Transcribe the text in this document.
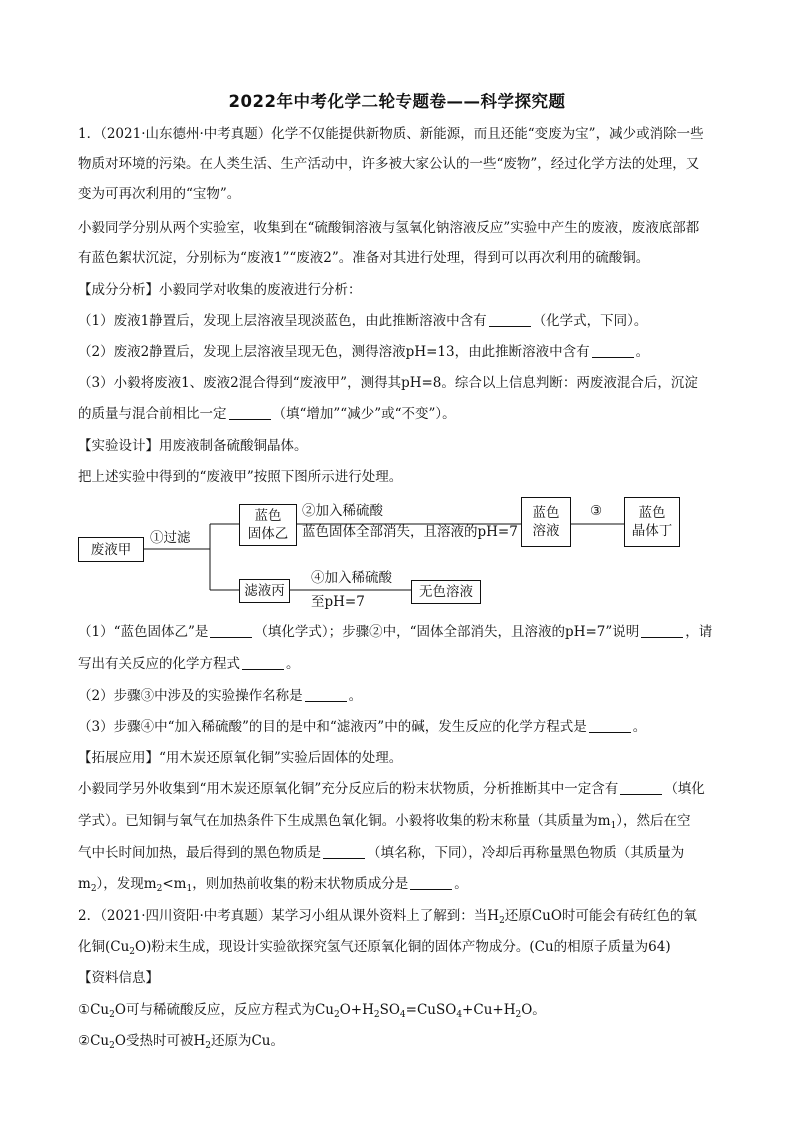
2022年中考化学二轮专题卷——科学探究题
1．（2021·山东德州·中考真题）化学不仅能提供新物质、新能源，而且还能“变废为宝”，减少或消除一些
物质对环境的污染。在人类生活、生产活动中，许多被大家公认的一些“废物”，经过化学方法的处理，又
变为可再次利用的“宝物”。
小毅同学分别从两个实验室，收集到在“硫酸铜溶液与氢氧化钠溶液反应”实验中产生的废液，废液底部都
有蓝色絮状沉淀，分别标为“废液1”“废液2”。准备对其进行处理，得到可以再次利用的硫酸铜。
【成分分析】小毅同学对收集的废液进行分析：
（1）废液1静置后，发现上层溶液呈现淡蓝色，由此推断溶液中含有	（化学式，下同）。
（2）废液2静置后，发现上层溶液呈现无色，测得溶液pH=13，由此推断溶液中含有	。
（3）小毅将废液1、废液2混合得到“废液甲”，测得其pH=8。综合以上信息判断：两废液混合后，沉淀
的质量与混合前相比一定	（填“增加”“减少”或“不变”）。
【实验设计】用废液制备硫酸铜晶体。
把上述实验中得到的“废液甲”按照下图所示进行处理。
废液甲
①过滤
蓝色
固体乙
②加入稀硫酸
蓝色固体全部消失，且溶液的pH=7
蓝色
溶液
③	蓝色
晶体丁
滤液丙
④加入稀硫酸
至pH=7
无色溶液
（1）“蓝色固体乙”是	（填化学式）；步骤②中，“固体全部消失，且溶液的pH=7”说明	，请
写出有关反应的化学方程式	。
（2）步骤③中涉及的实验操作名称是	。
（3）步骤④中“加入稀硫酸”的目的是中和“滤液丙”中的碱，发生反应的化学方程式是	。
【拓展应用】“用木炭还原氧化铜”实验后固体的处理。
小毅同学另外收集到“用木炭还原氧化铜”充分反应后的粉末状物质，分析推断其中一定含有	（填化
学式）。已知铜与氧气在加热条件下生成黑色氧化铜。小毅将收集的粉末称量（其质量为$m_1$），然后在空
气中长时间加热，最后得到的黑色物质是	（填名称，下同），冷却后再称量黑色物质（其质量为
$m_2$），发现$m_2<m_1$，则加热前收集的粉末状物质成分是	。
2．（2021·四川资阳·中考真题）某学习小组从课外资料上了解到：当$H_2$还原CuO时可能会有砖红色的氧
化铜$(Cu_2O)$粉末生成，现设计实验欲探究氢气还原氧化铜的固体产物成分。(Cu的相原子质量为64)
【资料信息】
$①Cu_2O$可与稀硫酸反应，反应方程式为$Cu_2O+H_2SO_4=CuSO_4+Cu+H_2O$。
$②Cu_2O$受热时可被$H_2$还原为Cu。
